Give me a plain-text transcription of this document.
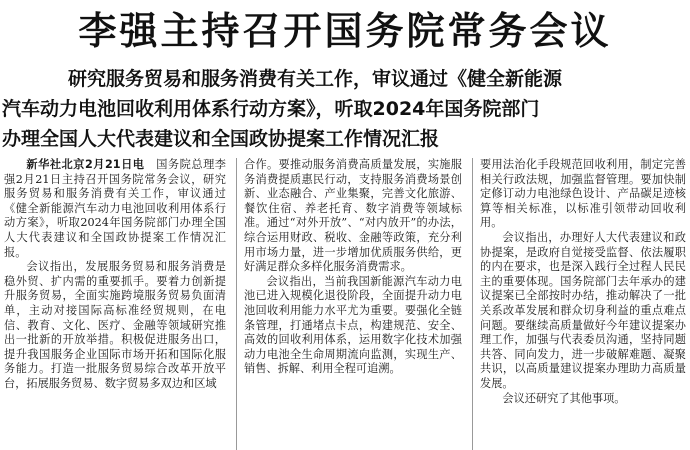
李强主持召开国务院常务会议
研究服务贸易和服务消费有关工作，审议通过《健全新能源
汽车动力电池回收利用体系行动方案》，听取2024年国务院部门
办理全国人大代表建议和全国政协提案工作情况汇报

新华社北京2月21日电　 国务院总理李强2月21日主持召开国务院常务会议，研究服务贸易和服务消费有关工作，审议通过《健全新能源汽车动力电池回收利用体系行动方案》，听取2024年国务院部门办理全国人大代表建议和全国政协提案工作情况汇报。

会议指出，发展服务贸易和服务消费是稳外贸、扩内需的重要抓手。要着力创新提升服务贸易，全面实施跨境服务贸易负面清单，主动对接国际高标准经贸规则，在电信、教育、文化、医疗、金融等领域研究推出一批新的开放举措。积极促进服务出口，提升我国服务企业国际市场开拓和国际化服务能力。打造一批服务贸易综合改革开放平台，拓展服务贸易、数字贸易多双边和区域

合作。要推动服务消费高质量发展，实施服务消费提质惠民行动，支持服务消费场景创新、业态融合、产业集聚，完善文化旅游、餐饮住宿、养老托育、数字消费等领域标准。通过“对外开放”、“对内放开”的办法，综合运用财政、税收、金融等政策，充分利用市场力量，进一步增加优质服务供给，更好满足群众多样化服务消费需求。

会议指出，当前我国新能源汽车动力电池已进入规模化退役阶段，全面提升动力电池回收利用能力水平尤为重要。要强化全链条管理，打通堵点卡点，构建规范、安全、高效的回收利用体系，运用数字化技术加强动力电池全生命周期流向监测，实现生产、销售、拆解、利用全程可追溯。

要用法治化手段规范回收利用，制定完善相关行政法规，加强监督管理。要加快制定修订动力电池绿色设计、产品碳足迹核算等相关标准，以标准引领带动回收利用。

会议指出，办理好人大代表建议和政协提案，是政府自觉接受监督、依法履职的内在要求，也是深入践行全过程人民民主的重要体现。国务院部门去年承办的建议提案已全部按时办结，推动解决了一批关系改革发展和群众切身利益的重点难点问题。要继续高质量做好今年建议提案办理工作，加强与代表委员沟通，坚持同题共答、同向发力，进一步破解难题、凝聚共识，以高质量建议提案办理助力高质量发展。

会议还研究了其他事项。
